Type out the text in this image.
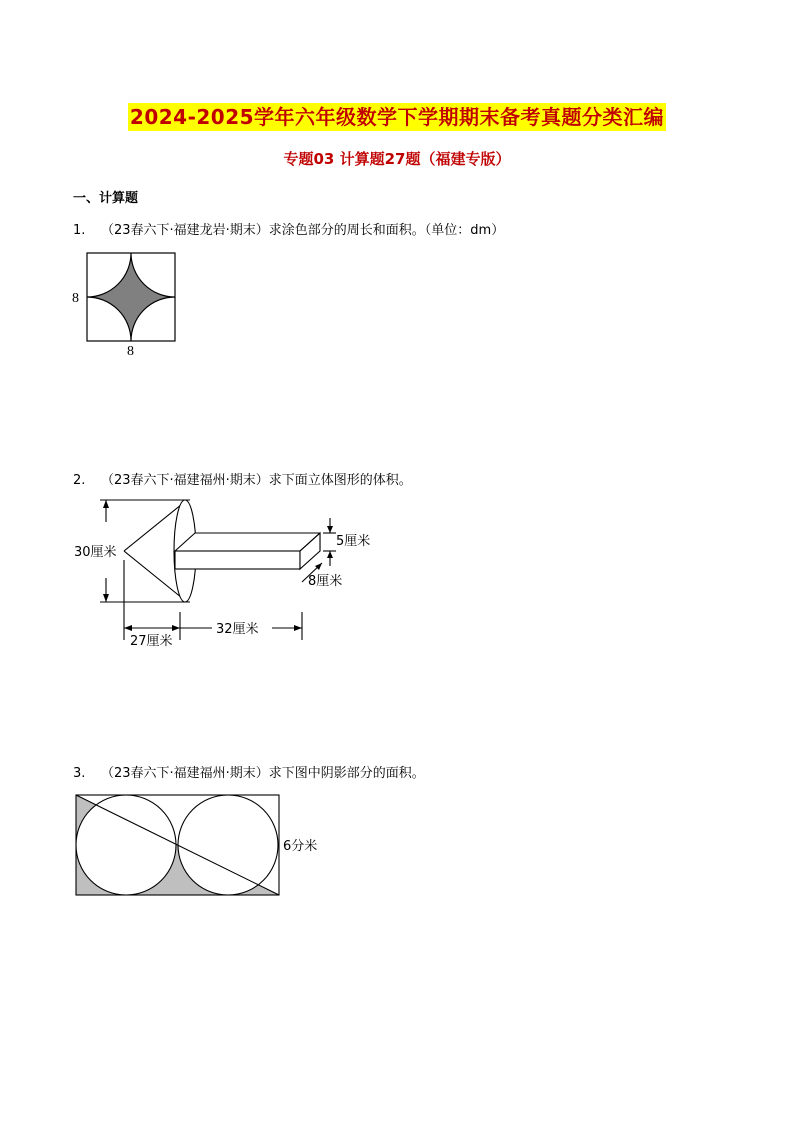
2024-2025学年六年级数学下学期期末备考真题分类汇编
专题03 计算题27题（福建专版）
一、计算题
1. （23春六下·福建龙岩·期末）求涂色部分的周长和面积。（单位：dm）
8
8
30厘米
5厘米
8厘米
32厘米
27厘米
6分米
2. （23春六下·福建福州·期末）求下面立体图形的体积。
3. （23春六下·福建福州·期末）求下图中阴影部分的面积。
